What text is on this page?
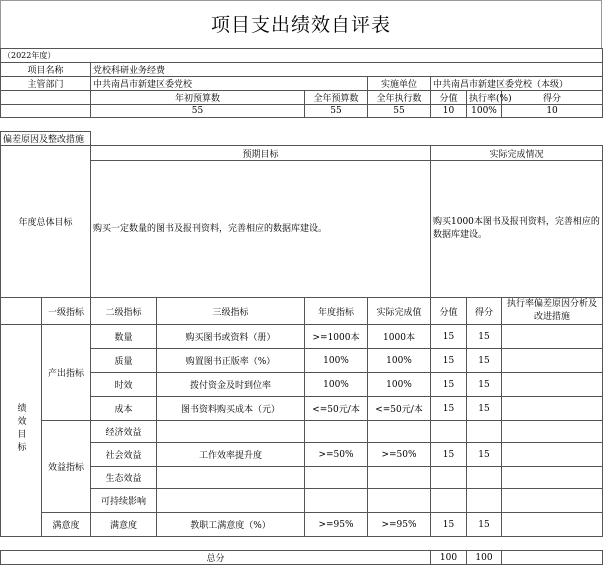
项目支出绩效自评表
（2022年度）								
项目名称		党校科研业务经费						
主管部门		中共南昌市新建区委党校			实施单位	中共南昌市新建区委党校（本级）		
		年初预算数		全年预算数	全年执行数	分值	执行率(%)	得分
		55		55	55	10	100%	10

偏差原因及整改措施								
年度总体目标		预期目标				实际完成情况		
		购买一定数量的图书及报刊资料，完善相应的数据库建设。				购买1000本图书及报刊资料，完善相应的数据库建设。		
	一级指标	二级指标	三级指标	年度指标	实际完成值	分值	得分	执行率偏差原因分析及改进措施
绩效目标	产出指标	数量	购买图书或资料（册）	>=1000本	1000本	15	15	
		质量	购置图书正版率（%）	100%	100%	15	15	
		时效	拨付资金及时到位率	100%	100%	15	15	
		成本	图书资料购买成本（元）	<=50元/本	<=50元/本	15	15	
	效益指标	经济效益						
		社会效益	工作效率提升度	>=50%	>=50%	15	15	
		生态效益						
		可持续影响						
	满意度	满意度	教职工满意度（%）	>=95%	>=95%	15	15	

总分						100	100	
